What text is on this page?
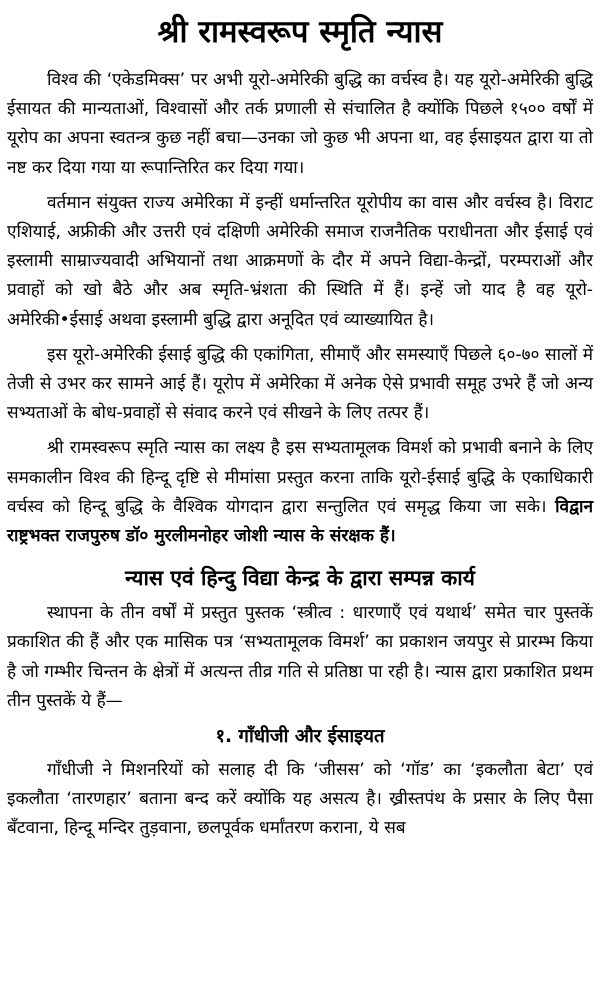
श्री रामस्वरूप स्मृति न्यास

विश्व की ‘एकेडमिक्स’ पर अभी यूरो-अमेरिकी बुद्धि का वर्चस्व है। यह यूरो-अमेरिकी बुद्धि ईसायत की मान्यताओं, विश्वासों और तर्क प्रणाली से संचालित है क्योंकि पिछले १५०० वर्षों में यूरोप का अपना स्वतन्त्र कुछ नहीं बचा—उनका जो कुछ भी अपना था, वह ईसाइयत द्वारा या तो नष्ट कर दिया गया या रूपान्तिरित कर दिया गया।

वर्तमान संयुक्त राज्य अमेरिका में इन्हीं धर्मान्तरित यूरोपीय का वास और वर्चस्व है। विराट एशियाई, अफ्रीकी और उत्तरी एवं दक्षिणी अमेरिकी समाज राजनैतिक पराधीनता और ईसाई एवं इस्लामी साम्राज्यवादी अभियानों तथा आक्रमणों के दौर में अपने विद्या-केन्द्रों, परम्पराओं और प्रवाहों को खो बैठे और अब स्मृति-भ्रंशता की स्थिति में हैं। इन्हें जो याद है वह यूरो-अमेरिकी•ईसाई अथवा इस्लामी बुद्धि द्वारा अनूदित एवं व्याख्यायित है।

इस यूरो-अमेरिकी ईसाई बुद्धि की एकांगिता, सीमाएँ और समस्याएँ पिछले ६०-७० सालों में तेजी से उभर कर सामने आई हैं। यूरोप में अमेरिका में अनेक ऐसे प्रभावी समूह उभरे हैं जो अन्य सभ्यताओं के बोध-प्रवाहों से संवाद करने एवं सीखने के लिए तत्पर हैं।

श्री रामस्वरूप स्मृति न्यास का लक्ष्य है इस सभ्यतामूलक विमर्श को प्रभावी बनाने के लिए समकालीन विश्व की हिन्दू दृष्टि से मीमांसा प्रस्तुत करना ताकि यूरो-ईसाई बुद्धि के एकाधिकारी वर्चस्व को हिन्दू बुद्धि के वैश्विक योगदान द्वारा सन्तुलित एवं समृद्ध किया जा सके। विद्वान राष्ट्रभक्त राजपुरुष डॉ० मुरलीमनोहर जोशी न्यास के संरक्षक हैं।

न्यास एवं हिन्दु विद्या केन्द्र के द्वारा सम्पन्न कार्य

स्थापना के तीन वर्षों में प्रस्तुत पुस्तक ‘स्त्रीत्व : धारणाएँ एवं यथार्थ’ समेत चार पुस्तकें प्रकाशित की हैं और एक मासिक पत्र ‘सभ्यतामूलक विमर्श’ का प्रकाशन जयपुर से प्रारम्भ किया है जो गम्भीर चिन्तन के क्षेत्रों में अत्यन्त तीव्र गति से प्रतिष्ठा पा रही है। न्यास द्वारा प्रकाशित प्रथम तीन पुस्तकें ये हैं—

१. गाँधीजी और ईसाइयत

गाँधीजी ने मिशनरियों को सलाह दी कि ‘जीसस’ को ‘गॉड’ का ‘इकलौता बेटा’ एवं इकलौता ‘तारणहार’ बताना बन्द करें क्योंकि यह असत्य है। ख्रीस्तपंथ के प्रसार के लिए पैसा बँटवाना, हिन्दू मन्दिर तुड़वाना, छलपूर्वक धर्मांतरण कराना, ये सब
